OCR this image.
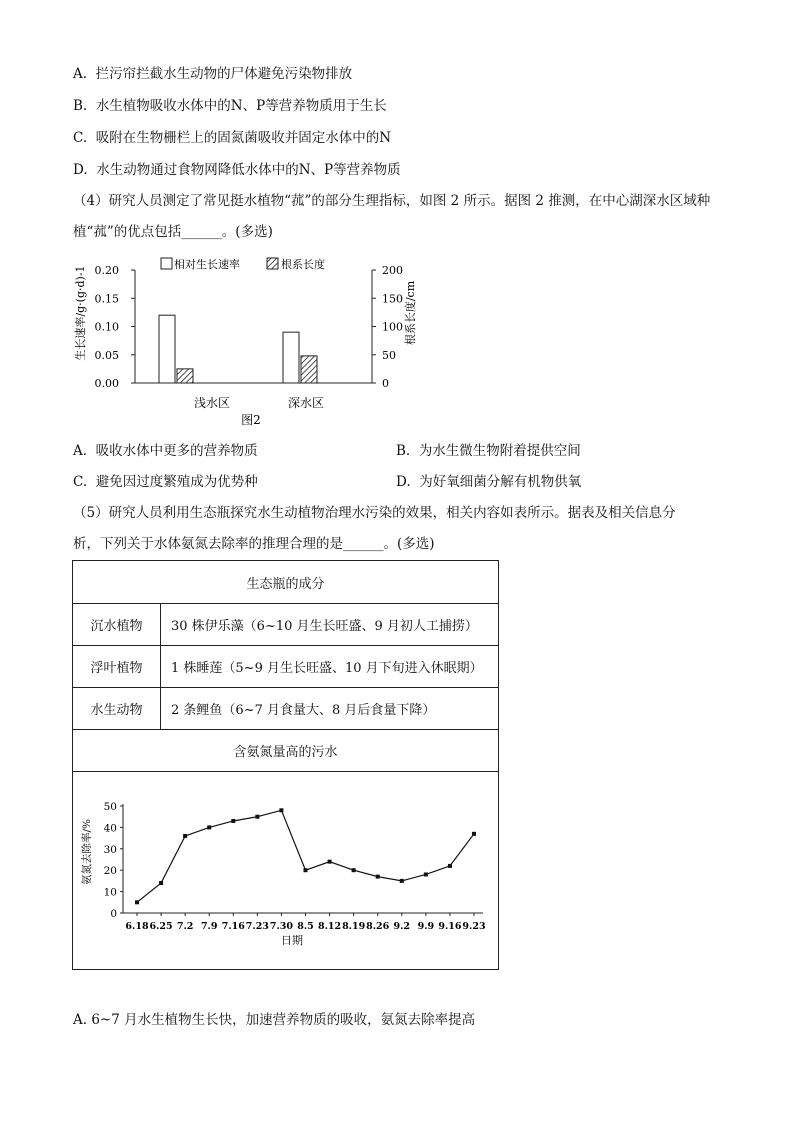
A. 拦污帘拦截水生动物的尸体避免污染物排放
B. 水生植物吸收水体中的N、P等营养物质用于生长
C. 吸附在生物栅栏上的固氮菌吸收并固定水体中的N
D. 水生动物通过食物网降低水体中的N、P等营养物质
（4）研究人员测定了常见挺水植物“菰”的部分生理指标，如图 2 所示。据图 2 推测，在中心湖深水区域种
植“菰”的优点包括______。(多选)
0.20
0.15
0.10
0.05
0.00
200
150
100
50
0
相对生长速率	根系长度
生长速率/g·(g·d)-1	根系长度/cm
浅水区	深水区
图2
A. 吸收水体中更多的营养物质	B. 为水生微生物附着提供空间
C. 避免因过度繁殖成为优势种	D. 为好氧细菌分解有机物供氧
（5）研究人员利用生态瓶探究水生动植物治理水污染的效果，相关内容如表所示。据表及相关信息分
析，下列关于水体氨氮去除率的推理合理的是______。(多选)
生态瓶的成分
沉水植物	30 株伊乐藻（6~10 月生长旺盛、9 月初人工捕捞）
浮叶植物	1 株睡莲（5~9 月生长旺盛、10 月下旬进入休眠期）
水生动物	2 条鲤鱼（6~7 月食量大、8 月后食量下降）
含氨氮量高的污水
0
10
20
30
40
50
6.18 6.25 7.2 7.9 7.16 7.23 7.30 8.5 8.12 8.19 8.26 9.2 9.9 9.16 9.23
氨氮去除率/%
日期
A. 6~7 月水生植物生长快，加速营养物质的吸收，氨氮去除率提高
